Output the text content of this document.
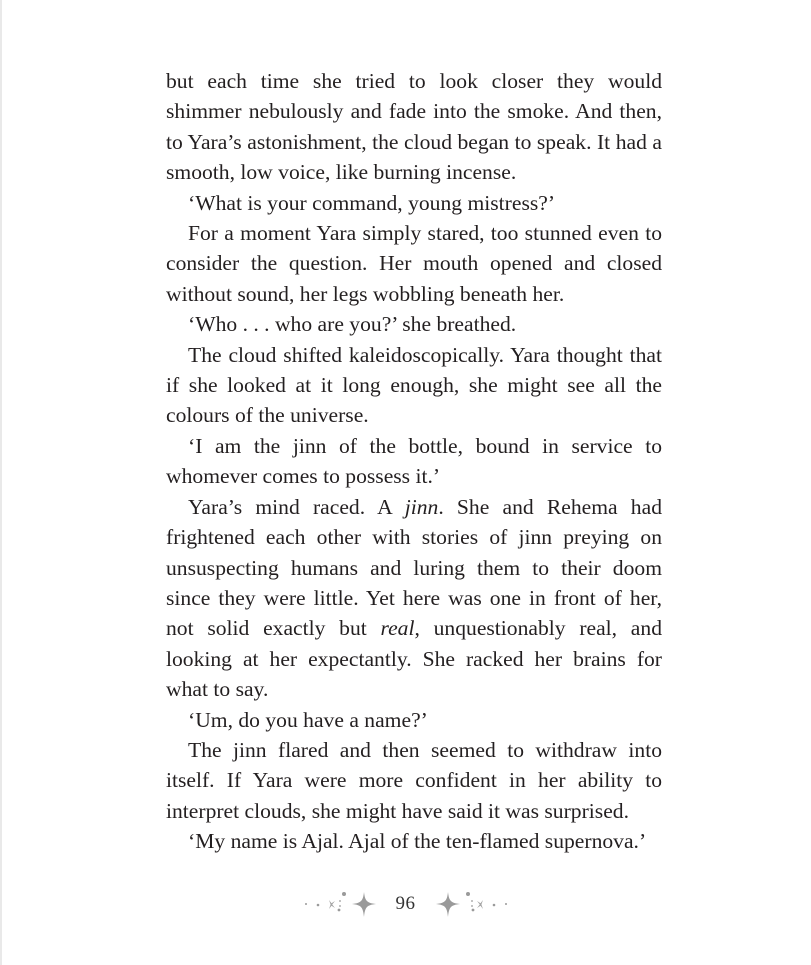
but each time she tried to look closer they would shimmer nebulously and fade into the smoke. And then, to Yara’s astonishment, the cloud began to speak. It had a smooth, low voice, like burning incense.

‘What is your command, young mistress?’

For a moment Yara simply stared, too stunned even to consider the question. Her mouth opened and closed without sound, her legs wobbling beneath her.

‘Who . . . who are you?’ she breathed.

The cloud shifted kaleidoscopically. Yara thought that if she looked at it long enough, she might see all the colours of the universe.

‘I am the jinn of the bottle, bound in service to whomever comes to possess it.’

Yara’s mind raced. A jinn. She and Rehema had frightened each other with stories of jinn preying on unsuspecting humans and luring them to their doom since they were little. Yet here was one in front of her, not solid exactly but real, unquestionably real, and looking at her expectantly. She racked her brains for what to say.

‘Um, do you have a name?’

The jinn flared and then seemed to withdraw into itself. If Yara were more confident in her ability to interpret clouds, she might have said it was surprised.

‘My name is Ajal. Ajal of the ten-flamed supernova.’

96
